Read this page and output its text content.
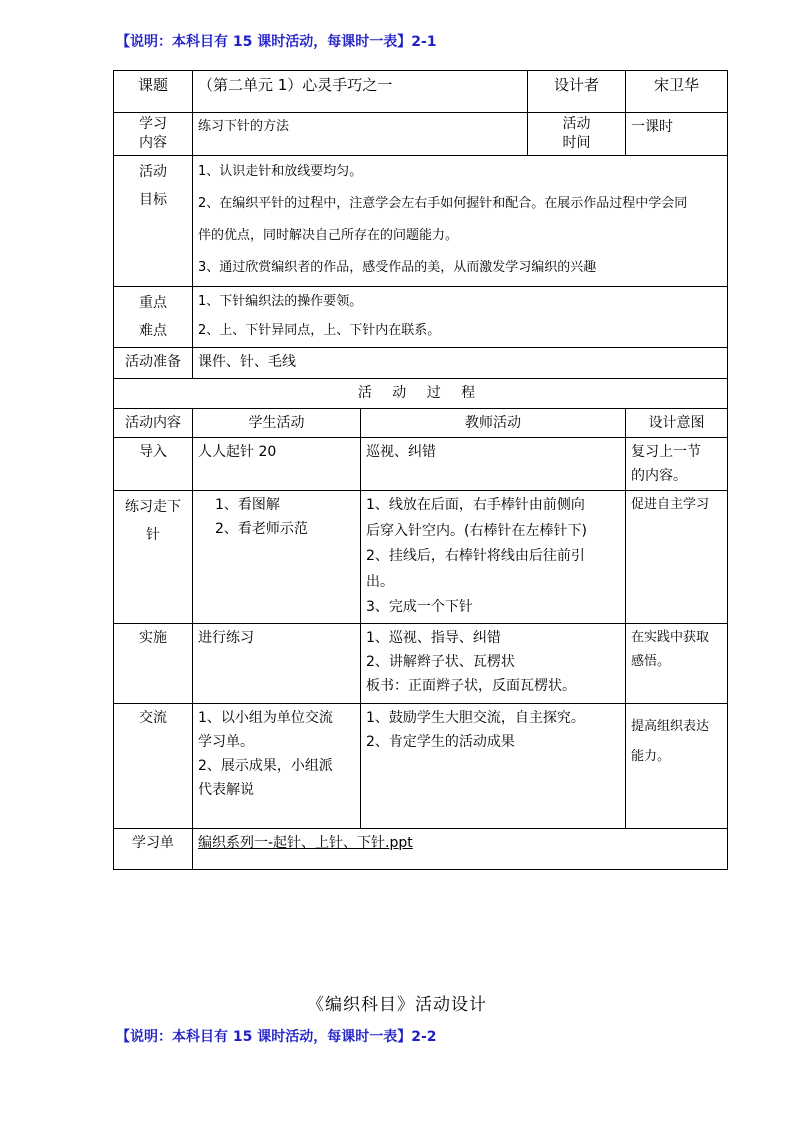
【说明：本科目有 15 课时活动，每课时一表】2-1
课题	（第二单元 1）心灵手巧之一		设计者	宋卫华

学习
内容	练习下针的方法		活动
时间	一课时

活动
目标	1、认识走针和放线要均匀。
2、在编织平针的过程中，注意学会左右手如何握针和配合。在展示作品过程中学会同
伴的优点，同时解决自己所存在的问题能力。
3、通过欣赏编织者的作品，感受作品的美，从而激发学习编织的兴趣			

重点
难点	1、下针编织法的操作要领。
2、上、下针异同点，上、下针内在联系。			

活动准备	课件、针、毛线			
活 动 过 程				
活动内容	学生活动	教师活动		设计意图
导入	人人起针 20	巡视、纠错		复习上一节
的内容。

练习走下
针	1、看图解
2、看老师示范	1、线放在后面，右手棒针由前侧向
后穿入针空内。(右棒针在左棒针下)
2、挂线后，右棒针将线由后往前引
出。
3、完成一个下针		促进自主学习

实施	进行练习	1、巡视、指导、纠错
2、讲解辫子状、瓦楞状
板书：正面辫子状，反面瓦楞状。		在实践中获取
感悟。

交流	1、以小组为单位交流
学习单。
2、展示成果，小组派
代表解说	1、鼓励学生大胆交流，自主探究。
2、肯定学生的活动成果		提高组织表达
能力。

学习单	编织系列一-起针、上针、下针.ppt			
《编织科目》活动设计
【说明：本科目有 15 课时活动，每课时一表】2-2
